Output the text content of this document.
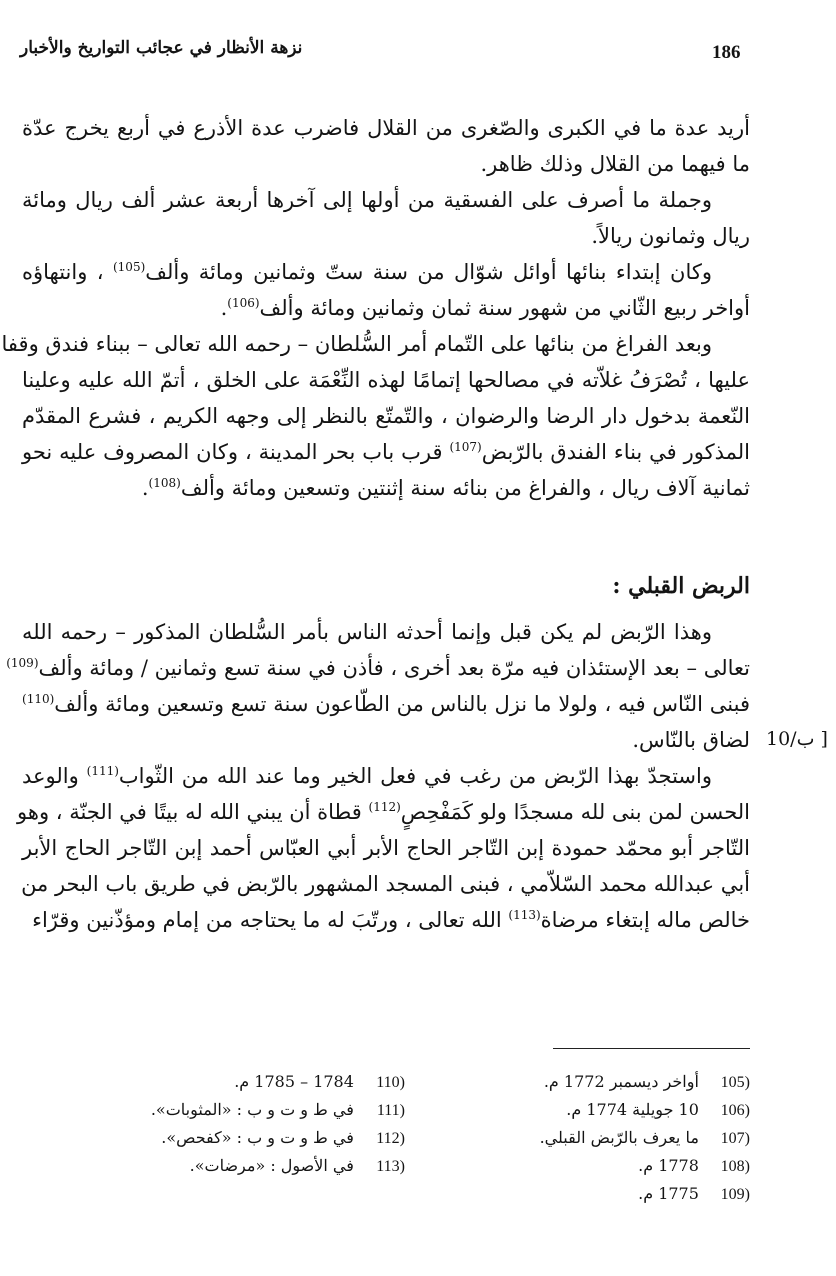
186
نزهة الأنظار في عجائب التواريخ والأخبار
أريد عدة ما في الكبرى والصّغرى من القلال فاضرب عدة الأذرع في أربع يخرج عدّة
ما فيهما من القلال وذلك ظاهر.
وجملة ما أصرف على الفسقية من أولها إلى آخرها أربعة عشر ألف ريال ومائة
ريال وثمانون ريالاً.
وكان إبتداء بنائها أوائل شوّال من سنة ستّ وثمانين ومائة وألف$^{(105)}$ ، وانتهاؤه
أواخر ربيع الثّاني من شهور سنة ثمان وثمانين ومائة وألف$^{(106)}$.
وبعد الفراغ من بنائها على التّمام أمر السُّلطان – رحمه الله تعالى – ببناء فندق وقفا
عليها ، تُصْرَفُ غلاّته في مصالحها إتمامًا لهذه النِّعْمَة على الخلق ، أتمّ الله عليه وعلينا
النّعمة بدخول دار الرضا والرضوان ، والتّمتّع بالنظر إلى وجهه الكريم ، فشرع المقدّم
المذكور في بناء الفندق بالرّبض$^{(107)}$ قرب باب بحر المدينة ، وكان المصروف عليه نحو
ثمانية آلاف ريال ، والفراغ من بنائه سنة إثنتين وتسعين ومائة وألف$^{(108)}$.
الربض القبلي :
وهذا الرّبض لم يكن قبل وإنما أحدثه الناس بأمر السُّلطان المذكور – رحمه الله
تعالى – بعد الإستئذان فيه مرّة بعد أخرى ، فأذن في سنة تسع وثمانين / ومائة وألف$^{(109)}$
فبنى النّاس فيه ، ولولا ما نزل بالناس من الطّاعون سنة تسع وتسعين ومائة وألف$^{(110)}$
لضاق بالنّاس.
واستجدّ بهذا الرّبض من رغب في فعل الخير وما عند الله من الثّواب$^{(111)}$ والوعد
الحسن لمن بنى لله مسجدًا ولو كَمَفْحِصٍ$^{(112)}$ قطاة أن يبني الله له بيتًا في الجنّة ، وهو
التّاجر أبو محمّد حمودة إبن التّاجر الحاج الأبر أبي العبّاس أحمد إبن التّاجر الحاج الأبر
أبي عبدالله محمد السّلاّمي ، فبنى المسجد المشهور بالرّبض في طريق باب البحر من
خالص ماله إبتغاء مرضاة$^{(113)}$ الله تعالى ، ورتّبَ له ما يحتاجه من إمام ومؤذّنين وقرّاء
10/ب ]
(105 أواخر ديسمبر 1772 م.
(106 10 جويلية 1774 م.
(107 ما يعرف بالرّبض القبلي.
(108 1778 م.
(109 1775 م.
(110 1784 – 1785 م.
(111 في ط و ت و ب : «المثوبات».
(112 في ط و ت و ب : «كفحص».
(113 في الأصول : «مرضات».
